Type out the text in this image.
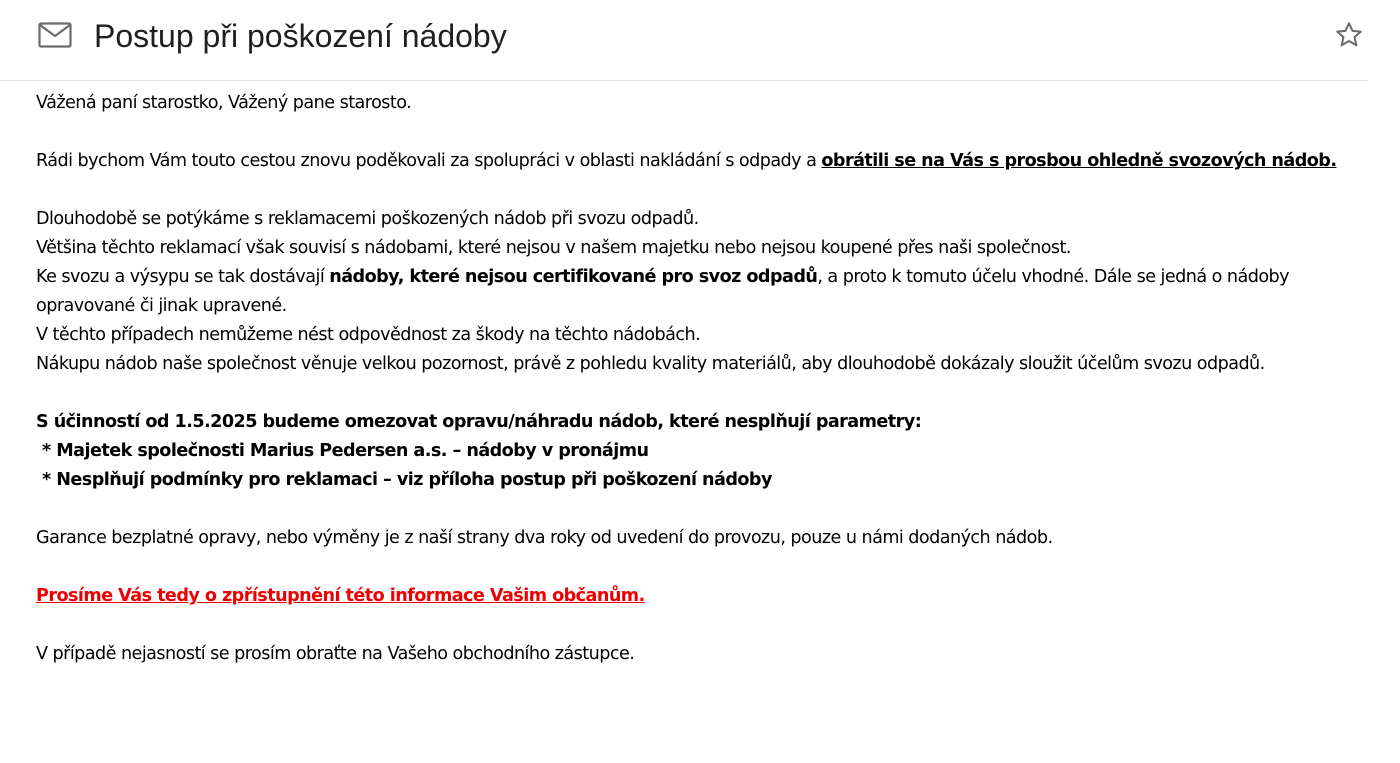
Postup při poškození nádoby

Vážená paní starostko, Vážený pane starosto.

Rádi bychom Vám touto cestou znovu poděkovali za spolupráci v oblasti nakládání s odpady a obrátili se na Vás s prosbou ohledně svozových nádob.

Dlouhodobě se potýkáme s reklamacemi poškozených nádob při svozu odpadů.

Většina těchto reklamací však souvisí s nádobami, které nejsou v našem majetku nebo nejsou koupené přes naši společnost.

Ke svozu a výsypu se tak dostávají nádoby, které nejsou certifikované pro svoz odpadů, a proto k tomuto účelu vhodné. Dále se jedná o nádoby opravované či jinak upravené.

V těchto případech nemůžeme nést odpovědnost za škody na těchto nádobách.

Nákupu nádob naše společnost věnuje velkou pozornost, právě z pohledu kvality materiálů, aby dlouhodobě dokázaly sloužit účelům svozu odpadů.

S účinností od 1.5.2025 budeme omezovat opravu/náhradu nádob, které nesplňují parametry:

* Majetek společnosti Marius Pedersen a.s. – nádoby v pronájmu

* Nesplňují podmínky pro reklamaci – viz příloha postup při poškození nádoby

Garance bezplatné opravy, nebo výměny je z naší strany dva roky od uvedení do provozu, pouze u námi dodaných nádob.

Prosíme Vás tedy o zpřístupnění této informace Vašim občanům.

V případě nejasností se prosím obraťte na Vašeho obchodního zástupce.
